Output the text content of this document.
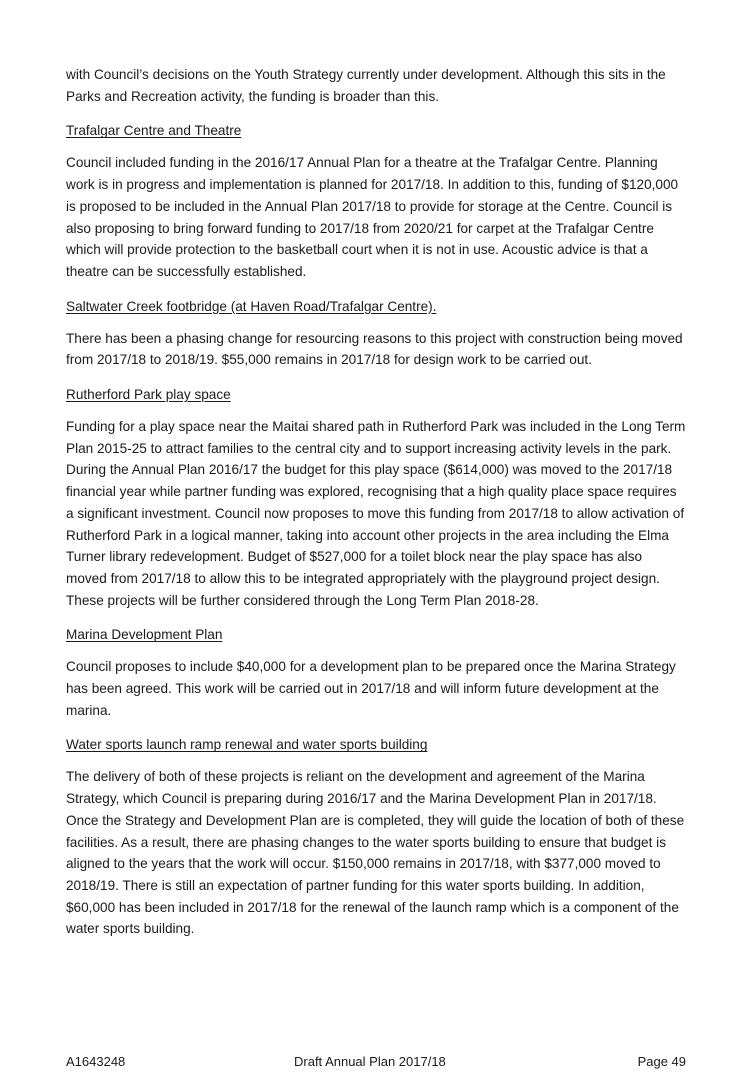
with Council’s decisions on the Youth Strategy currently under development. Although this sits in the Parks and Recreation activity, the funding is broader than this.

Trafalgar Centre and Theatre

Council included funding in the 2016/17 Annual Plan for a theatre at the Trafalgar Centre. Planning work is in progress and implementation is planned for 2017/18. In addition to this, funding of $120,000 is proposed to be included in the Annual Plan 2017/18 to provide for storage at the Centre. Council is also proposing to bring forward funding to 2017/18 from 2020/21 for carpet at the Trafalgar Centre which will provide protection to the basketball court when it is not in use. Acoustic advice is that a theatre can be successfully established.

Saltwater Creek footbridge (at Haven Road/Trafalgar Centre).

There has been a phasing change for resourcing reasons to this project with construction being moved from 2017/18 to 2018/19. $55,000 remains in 2017/18 for design work to be carried out.

Rutherford Park play space

Funding for a play space near the Maitai shared path in Rutherford Park was included in the Long Term Plan 2015-25 to attract families to the central city and to support increasing activity levels in the park. During the Annual Plan 2016/17 the budget for this play space ($614,000) was moved to the 2017/18 financial year while partner funding was explored, recognising that a high quality place space requires a significant investment. Council now proposes to move this funding from 2017/18 to allow activation of Rutherford Park in a logical manner, taking into account other projects in the area including the Elma Turner library redevelopment. Budget of $527,000 for a toilet block near the play space has also moved from 2017/18 to allow this to be integrated appropriately with the playground project design. These projects will be further considered through the Long Term Plan 2018-28.

Marina Development Plan

Council proposes to include $40,000 for a development plan to be prepared once the Marina Strategy has been agreed. This work will be carried out in 2017/18 and will inform future development at the marina.

Water sports launch ramp renewal and water sports building

The delivery of both of these projects is reliant on the development and agreement of the Marina Strategy, which Council is preparing during 2016/17 and the Marina Development Plan in 2017/18. Once the Strategy and Development Plan are is completed, they will guide the location of both of these facilities. As a result, there are phasing changes to the water sports building to ensure that budget is aligned to the years that the work will occur. $150,000 remains in 2017/18, with $377,000 moved to 2018/19. There is still an expectation of partner funding for this water sports building. In addition, $60,000 has been included in 2017/18 for the renewal of the launch ramp which is a component of the water sports building.

A1643248	Draft Annual Plan 2017/18	Page 49
